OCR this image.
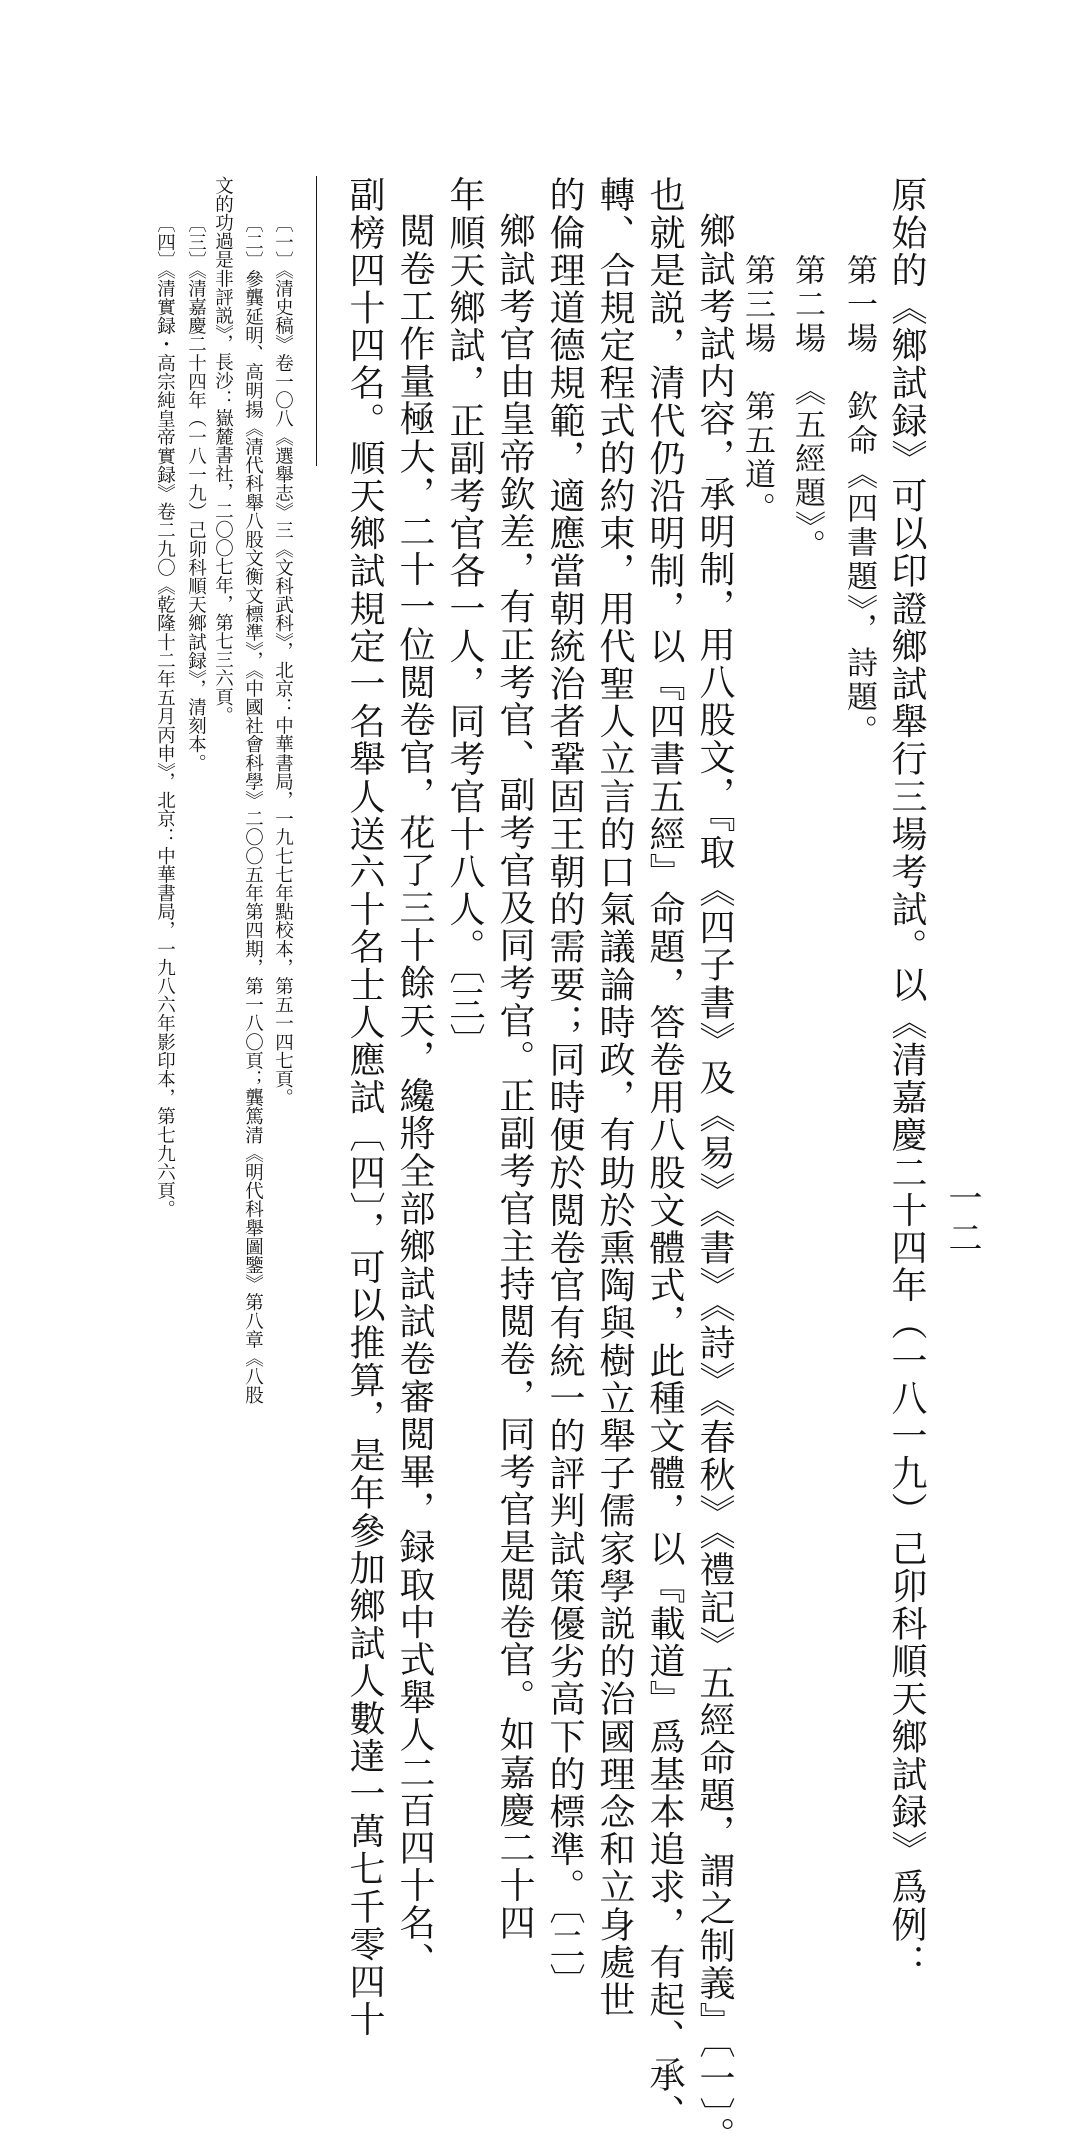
一二
原始的《鄉試録》可以印證鄉試舉行三場考試。以《清嘉慶二十四年（一八一九）己卯科順天鄉試録》爲例：
第一場　欽命《四書題》，詩題。
第二場　《五經題》。
第三場　第五道。
鄉試考試内容，承明制，用八股文，『取《四子書》及《易》《書》《詩》《春秋》《禮記》五經命題，謂之制義』〔一〕。
也就是説，清代仍沿明制，以『四書五經』命題，答卷用八股文體式，此種文體，以『載道』爲基本追求，有起、承、
轉、合規定程式的約束，用代聖人立言的口氣議論時政，有助於熏陶與樹立舉子儒家學説的治國理念和立身處世
的倫理道德規範，適應當朝統治者鞏固王朝的需要；同時便於閲卷官有統一的評判試策優劣高下的標準。〔二〕
鄉試考官由皇帝欽差，有正考官、副考官及同考官。正副考官主持閲卷，同考官是閲卷官。如嘉慶二十四
年順天鄉試，正副考官各一人，同考官十八人。〔三〕
閲卷工作量極大，二十一位閲卷官，花了三十餘天，纔將全部鄉試試卷審閲畢，録取中式舉人二百四十名、
副榜四十四名。順天鄉試規定一名舉人送六十名士人應試〔四〕，可以推算，是年參加鄉試人數達一萬七千零四十
〔一〕《清史稿》卷一〇八《選舉志》三《文科武科》，北京：中華書局，一九七七年點校本，第五一四七頁。
〔二〕參龔延明、高明揚《清代科舉八股文衡文標準》，《中國社會科學》二〇〇五年第四期，第一八〇頁；龔篤清《明代科舉圖鑒》第八章《八股
文的功過是非評説》，長沙：嶽麓書社，二〇〇七年，第七三六頁。
〔三〕《清嘉慶二十四年（一八一九）己卯科順天鄉試録》，清刻本。
〔四〕《清實録・高宗純皇帝實録》卷二九〇《乾隆十二年五月丙申》，北京：中華書局，一九八六年影印本，第七九六頁。
